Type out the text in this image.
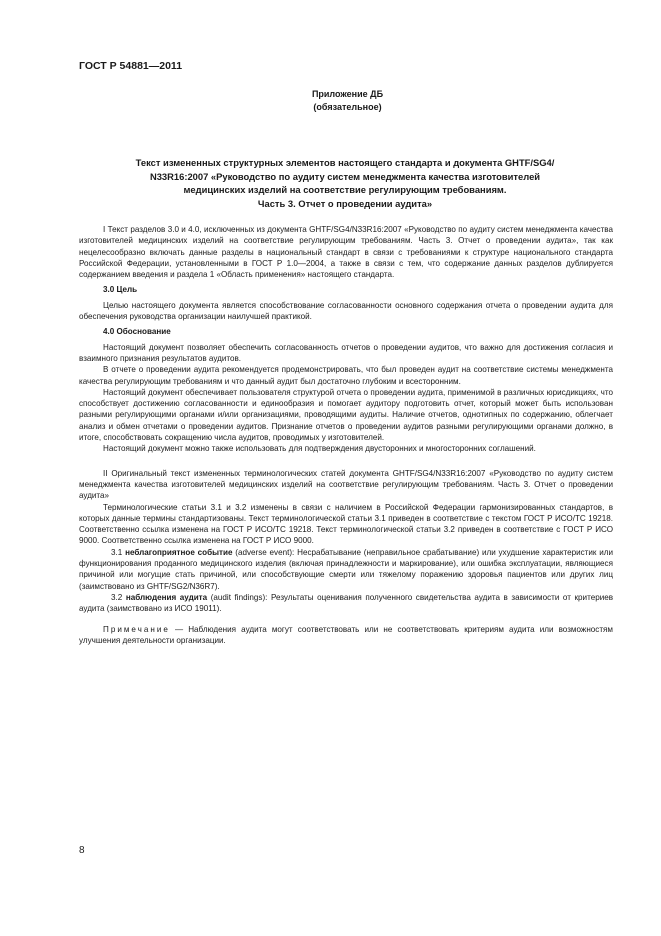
ГОСТ Р 54881—2011
Приложение ДБ
(обязательное)
Текст измененных структурных элементов настоящего стандарта и документа GHTF/SG4/
N33R16:2007 «Руководство по аудиту систем менеджмента качества изготовителей
медицинских изделий на соответствие регулирующим требованиям.
Часть 3. Отчет о проведении аудита»

I Текст разделов 3.0 и 4.0, исключенных из документа GHTF/SG4/N33R16:2007 «Руководство по аудиту систем менеджмента качества изготовителей медицинских изделий на соответствие регулирующим требованиям. Часть 3. Отчет о проведении аудита», так как нецелесообразно включать данные разделы в национальный стандарт в связи с требованиями к структуре национального стандарта Российской Федерации, установленными в ГОСТ Р 1.0—2004, а также в связи с тем, что содержание данных разделов дублируется содержанием введения и раздела 1 «Область применения» настоящего стандарта.

3.0 Цель

Целью настоящего документа является способствование согласованности основного содержания отчета о проведении аудита для обеспечения руководства организации наилучшей практикой.

4.0 Обоснование

Настоящий документ позволяет обеспечить согласованность отчетов о проведении аудитов, что важно для достижения согласия и взаимного признания результатов аудитов.

В отчете о проведении аудита рекомендуется продемонстрировать, что был проведен аудит на соответствие системы менеджмента качества регулирующим требованиям и что данный аудит был достаточно глубоким и всесторонним.

Настоящий документ обеспечивает пользователя структурой отчета о проведении аудита, применимой в различных юрисдикциях, что способствует достижению согласованности и единообразия и помогает аудитору подготовить отчет, который может быть использован разными регулирующими органами и/или организациями, проводящими аудиты. Наличие отчетов, однотипных по содержанию, облегчает анализ и обмен отчетами о проведении аудитов. Признание отчетов о проведении аудитов разными регулирующими органами должно, в итоге, способствовать сокращению числа аудитов, проводимых у изготовителей.

Настоящий документ можно также использовать для подтверждения двусторонних и многосторонних соглашений.

II Оригинальный текст измененных терминологических статей документа GHTF/SG4/N33R16:2007 «Руководство по аудиту систем менеджмента качества изготовителей медицинских изделий на соответствие регулирующим требованиям. Часть 3. Отчет о проведении аудита»

Терминологические статьи 3.1 и 3.2 изменены в связи с наличием в Российской Федерации гармонизированных стандартов, в которых данные термины стандартизованы. Текст терминологической статьи 3.1 приведен в соответствие с текстом ГОСТ Р ИСО/ТС 19218. Соответственно ссылка изменена на ГОСТ Р ИСО/ТС 19218. Текст терминологической статьи 3.2 приведен в соответствие с ГОСТ Р ИСО 9000. Соответственно ссылка изменена на ГОСТ Р ИСО 9000.

3.1 неблагоприятное событие (adverse event): Несрабатывание (неправильное срабатывание) или ухудшение характеристик или функционирования проданного медицинского изделия (включая принадлежности и маркирование), или ошибка эксплуатации, являющиеся причиной или могущие стать причиной, или способствующие смерти или тяжелому поражению здоровья пациентов или других лиц (заимствовано из GHTF/SG2/N36R7).

3.2 наблюдения аудита (audit findings): Результаты оценивания полученного свидетельства аудита в зависимости от критериев аудита (заимствовано из ИСО 19011).

Примечание — Наблюдения аудита могут соответствовать или не соответствовать критериям аудита или возможностям улучшения деятельности организации.

8
